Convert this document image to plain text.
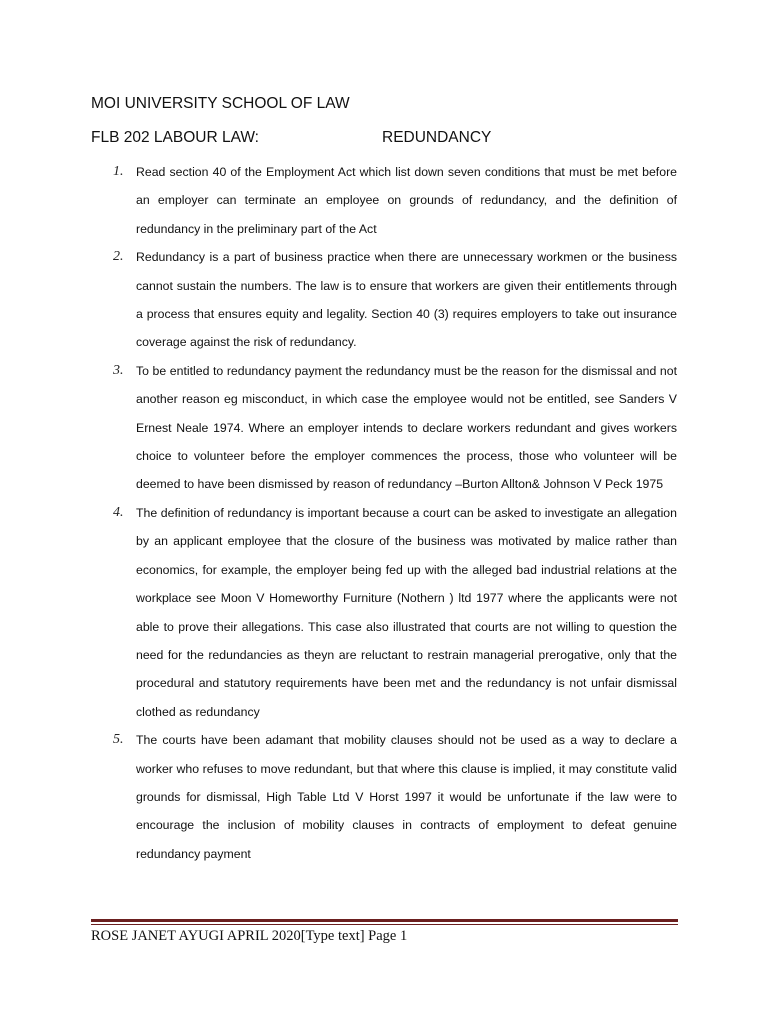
MOI UNIVERSITY SCHOOL OF LAW
FLB 202 LABOUR LAW:	REDUNDANCY
1. Read section 40 of the Employment Act which list down seven conditions that must be met before an employer can terminate an employee on grounds of redundancy, and the definition of redundancy in the preliminary part of the Act
2. Redundancy is a part of business practice when there are unnecessary workmen or the business cannot sustain the numbers. The law is to ensure that workers are given their entitlements through a process that ensures equity and legality. Section 40 (3) requires employers to take out insurance coverage against the risk of redundancy.
3. To be entitled to redundancy payment the redundancy must be the reason for the dismissal and not another reason eg misconduct, in which case the employee would not be entitled, see Sanders V Ernest Neale 1974. Where an employer intends to declare workers redundant and gives workers choice to volunteer before the employer commences the process, those who volunteer will be deemed to have been dismissed by reason of redundancy –Burton Allton& Johnson V Peck 1975
4. The definition of redundancy is important because a court can be asked to investigate an allegation by an applicant employee that the closure of the business was motivated by malice rather than economics, for example, the employer being fed up with the alleged bad industrial relations at the workplace see Moon V Homeworthy Furniture (Nothern ) ltd 1977 where the applicants were not able to prove their allegations. This case also illustrated that courts are not willing to question the need for the redundancies as theyn are reluctant to restrain managerial prerogative, only that the procedural and statutory requirements have been met and the redundancy is not unfair dismissal clothed as redundancy
5. The courts have been adamant that mobility clauses should not be used as a way to declare a worker who refuses to move redundant, but that where this clause is implied, it may constitute valid grounds for dismissal, High Table Ltd V Horst 1997 it would be unfortunate if the law were to encourage the inclusion of mobility clauses in contracts of employment to defeat genuine redundancy payment
ROSE JANET AYUGI APRIL 2020[Type text] Page 1
